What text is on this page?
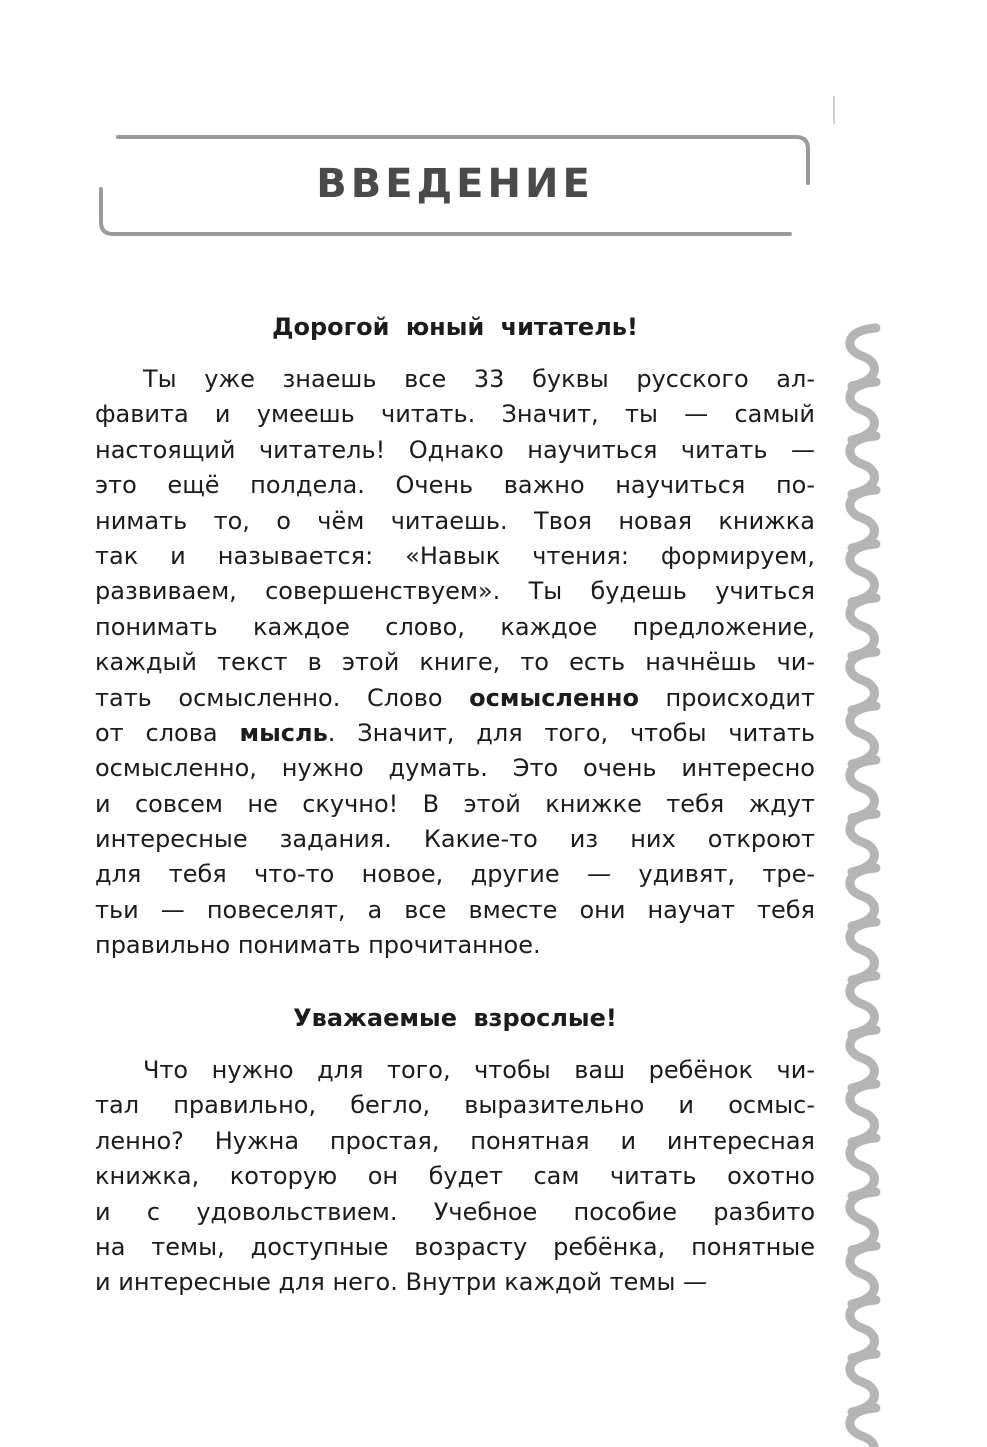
ВВЕДЕНИЕ
Дорогой юный читатель!
Ты уже знаешь все 33 буквы русского ал-
фавита и умеешь читать. Значит, ты — самый
настоящий читатель! Однако научиться читать —
это ещё полдела. Очень важно научиться по-
нимать то, о чём читаешь. Твоя новая книжка
так и называется: «Навык чтения: формируем,
развиваем, совершенствуем». Ты будешь учиться
понимать каждое слово, каждое предложение,
каждый текст в этой книге, то есть начнёшь чи-
тать осмысленно. Слово осмысленно происходит
от слова мысль. Значит, для того, чтобы читать
осмысленно, нужно думать. Это очень интересно
и совсем не скучно! В этой книжке тебя ждут
интересные задания. Какие-то из них откроют
для тебя что-то новое, другие — удивят, тре-
тьи — повеселят, а все вместе они научат тебя
правильно понимать прочитанное.
Уважаемые взрослые!
Что нужно для того, чтобы ваш ребёнок чи-
тал правильно, бегло, выразительно и осмыс-
ленно? Нужна простая, понятная и интересная
книжка, которую он будет сам читать охотно
и с удовольствием. Учебное пособие разбито
на темы, доступные возрасту ребёнка, понятные
и интересные для него. Внутри каждой темы —
